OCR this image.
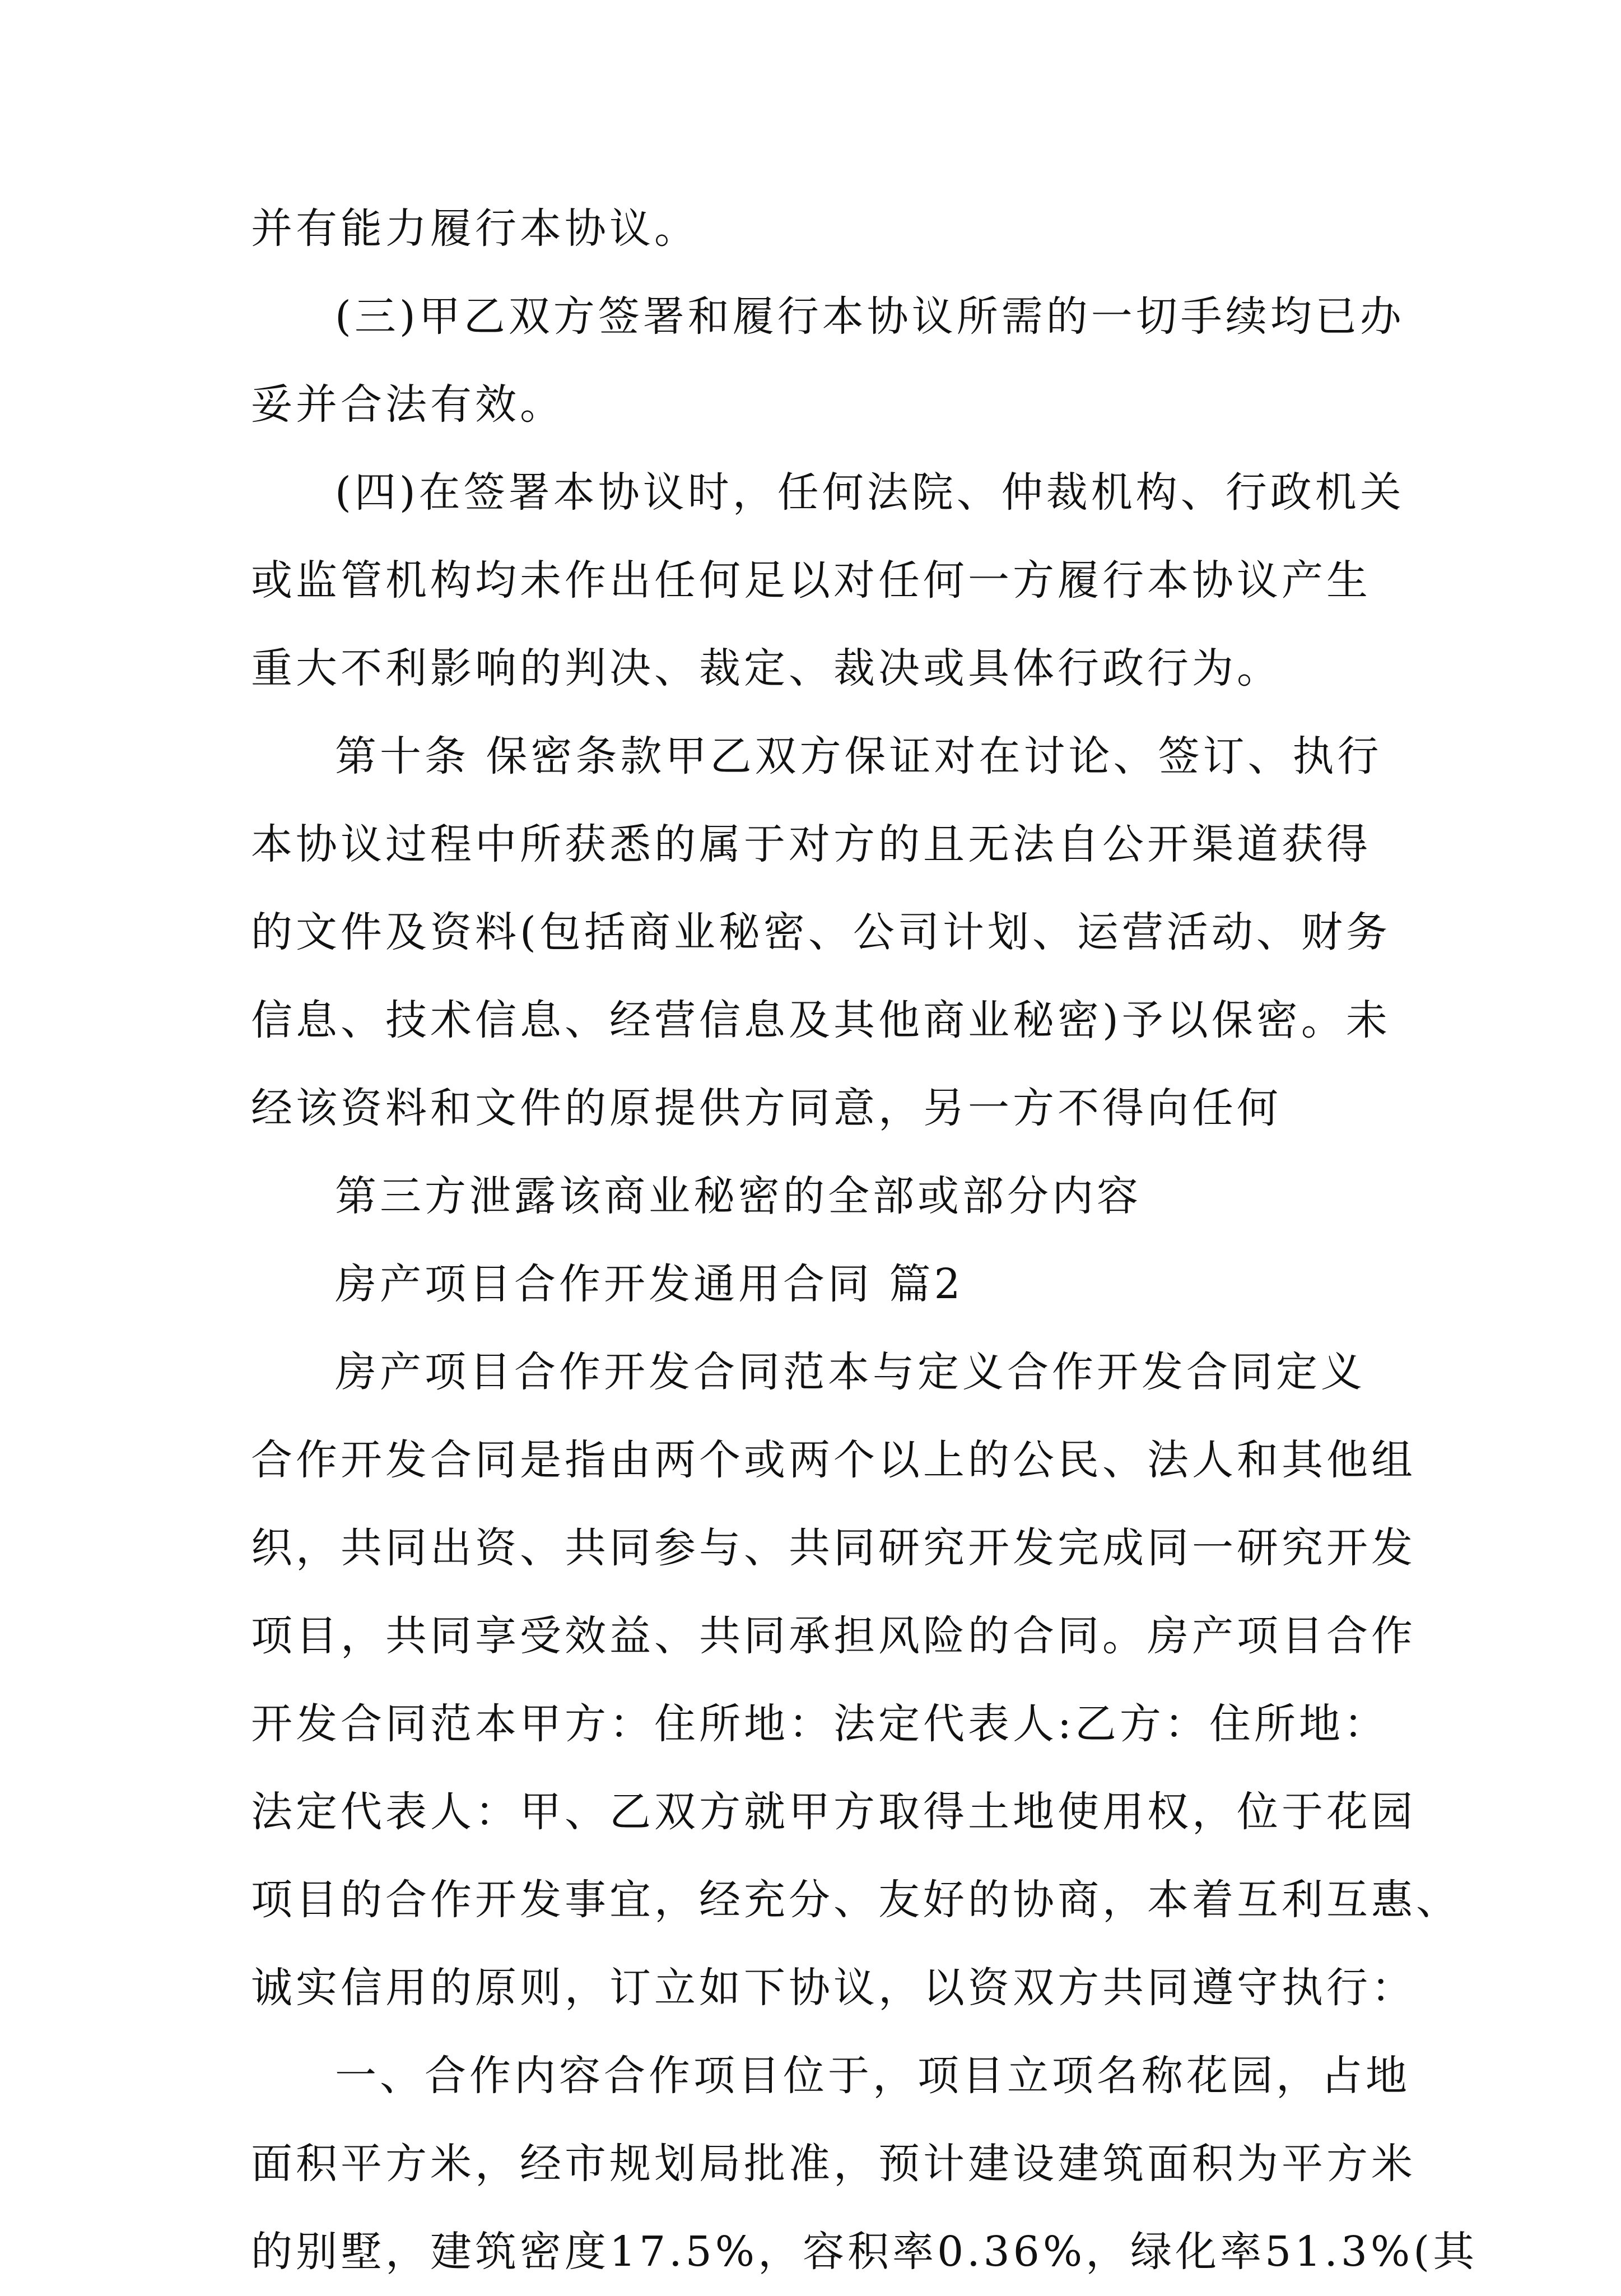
并有能力履行本协议。
(三)甲乙双方签署和履行本协议所需的一切手续均已办
妥并合法有效。
(四)在签署本协议时，任何法院、仲裁机构、行政机关
或监管机构均未作出任何足以对任何一方履行本协议产生
重大不利影响的判决、裁定、裁决或具体行政行为。
第十条 保密条款甲乙双方保证对在讨论、签订、执行
本协议过程中所获悉的属于对方的且无法自公开渠道获得
的文件及资料(包括商业秘密、公司计划、运营活动、财务
信息、技术信息、经营信息及其他商业秘密)予以保密。未
经该资料和文件的原提供方同意，另一方不得向任何
第三方泄露该商业秘密的全部或部分内容
房产项目合作开发通用合同 篇2
房产项目合作开发合同范本与定义合作开发合同定义
合作开发合同是指由两个或两个以上的公民、法人和其他组
织，共同出资、共同参与、共同研究开发完成同一研究开发
项目，共同享受效益、共同承担风险的合同。房产项目合作
开发合同范本甲方：住所地：法定代表人:乙方：住所地：
法定代表人：甲、乙双方就甲方取得土地使用权，位于花园
项目的合作开发事宜，经充分、友好的协商，本着互利互惠、
诚实信用的原则，订立如下协议，以资双方共同遵守执行：
一、合作内容合作项目位于，项目立项名称花园，占地
面积平方米，经市规划局批准，预计建设建筑面积为平方米
的别墅，建筑密度17.5%，容积率0.36%，绿化率51.3%(其
